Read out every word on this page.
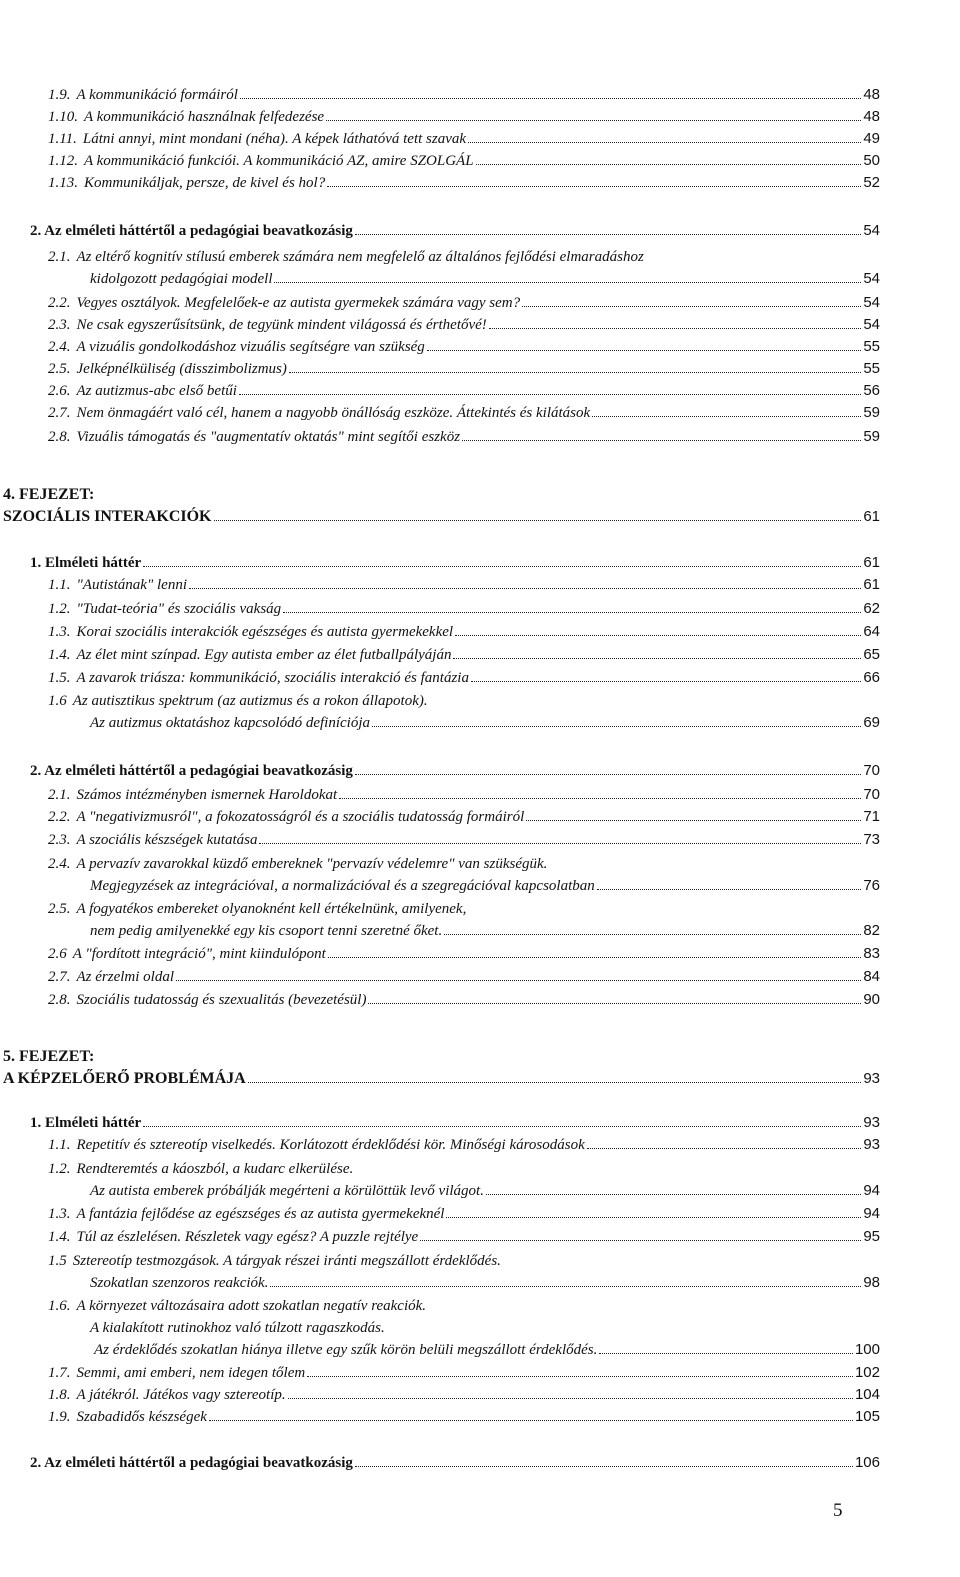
1.9. A kommunikáció formáiról	48
1.10. A kommunikáció használnak felfedezése	48
1.11. Látni annyi, mint mondani (néha). A képek láthatóvá tett szavak	49
1.12. A kommunikáció funkciói. A kommunikáció AZ, amire SZOLGÁL	50
1.13. Kommunikáljak, persze, de kivel és hol?	52
2. Az elméleti háttértől a pedagógiai beavatkozásig	54
2.1. Az eltérő kognitív stílusú emberek számára nem megfelelő az általános fejlődési elmaradáshoz
kidolgozott pedagógiai modell	54
2.2. Vegyes osztályok. Megfelelőek-e az autista gyermekek számára vagy sem?	54
2.3. Ne csak egyszerűsítsünk, de tegyünk mindent világossá és érthetővé!	54
2.4. A vizuális gondolkodáshoz vizuális segítségre van szükség	55
2.5. Jelképnélküliség (disszimbolizmus)	55
2.6. Az autizmus-abc első betűi	56
2.7. Nem önmagáért való cél, hanem a nagyobb önállóság eszköze. Áttekintés és kilátások	59
2.8. Vizuális támogatás és "augmentatív oktatás" mint segítői eszköz	59
4. FEJEZET:
SZOCIÁLIS INTERAKCIÓK	61
1. Elméleti háttér	61
1.1. "Autistának" lenni	61
1.2. "Tudat-teória" és szociális vakság	62
1.3. Korai szociális interakciók egészséges és autista gyermekekkel	64
1.4. Az élet mint színpad. Egy autista ember az élet futballpályáján	65
1.5. A zavarok triásza: kommunikáció, szociális interakció és fantázia	66
1.6 Az autisztikus spektrum (az autizmus és a rokon állapotok).
Az autizmus oktatáshoz kapcsolódó definíciója	69
2. Az elméleti háttértől a pedagógiai beavatkozásig	70
2.1. Számos intézményben ismernek Haroldokat	70
2.2. A "negativizmusról", a fokozatosságról és a szociális tudatosság formáiról	71
2.3. A szociális készségek kutatása	73
2.4. A pervazív zavarokkal küzdő embereknek "pervazív védelemre" van szükségük.
Megjegyzések az integrációval, a normalizációval és a szegregációval kapcsolatban	76
2.5. A fogyatékos embereket olyanoknént kell értékelnünk, amilyenek,
nem pedig amilyenekké egy kis csoport tenni szeretné őket.	82
2.6 A "fordított integráció", mint kiindulópont	83
2.7. Az érzelmi oldal	84
2.8. Szociális tudatosság és szexualitás (bevezetésül)	90
5. FEJEZET:
A KÉPZELŐERŐ PROBLÉMÁJA	93
1. Elméleti háttér	93
1.1. Repetitív és sztereotíp viselkedés. Korlátozott érdeklődési kör. Minőségi károsodások	93
1.2. Rendteremtés a káoszból, a kudarc elkerülése.
Az autista emberek próbálják megérteni a körülöttük levő világot.	94
1.3. A fantázia fejlődése az egészséges és az autista gyermekeknél	94
1.4. Túl az észlelésen. Részletek vagy egész? A puzzle rejtélye	95
1.5 Sztereotíp testmozgások. A tárgyak részei iránti megszállott érdeklődés.
Szokatlan szenzoros reakciók.	98
1.6. A környezet változásaira adott szokatlan negatív reakciók.
A kialakított rutinokhoz való túlzott ragaszkodás.
Az érdeklődés szokatlan hiánya illetve egy szűk körön belüli megszállott érdeklődés.	100
1.7. Semmi, ami emberi, nem idegen tőlem	102
1.8. A játékról. Játékos vagy sztereotíp.	104
1.9. Szabadidős készségek	105
2. Az elméleti háttértől a pedagógiai beavatkozásig	106
5
